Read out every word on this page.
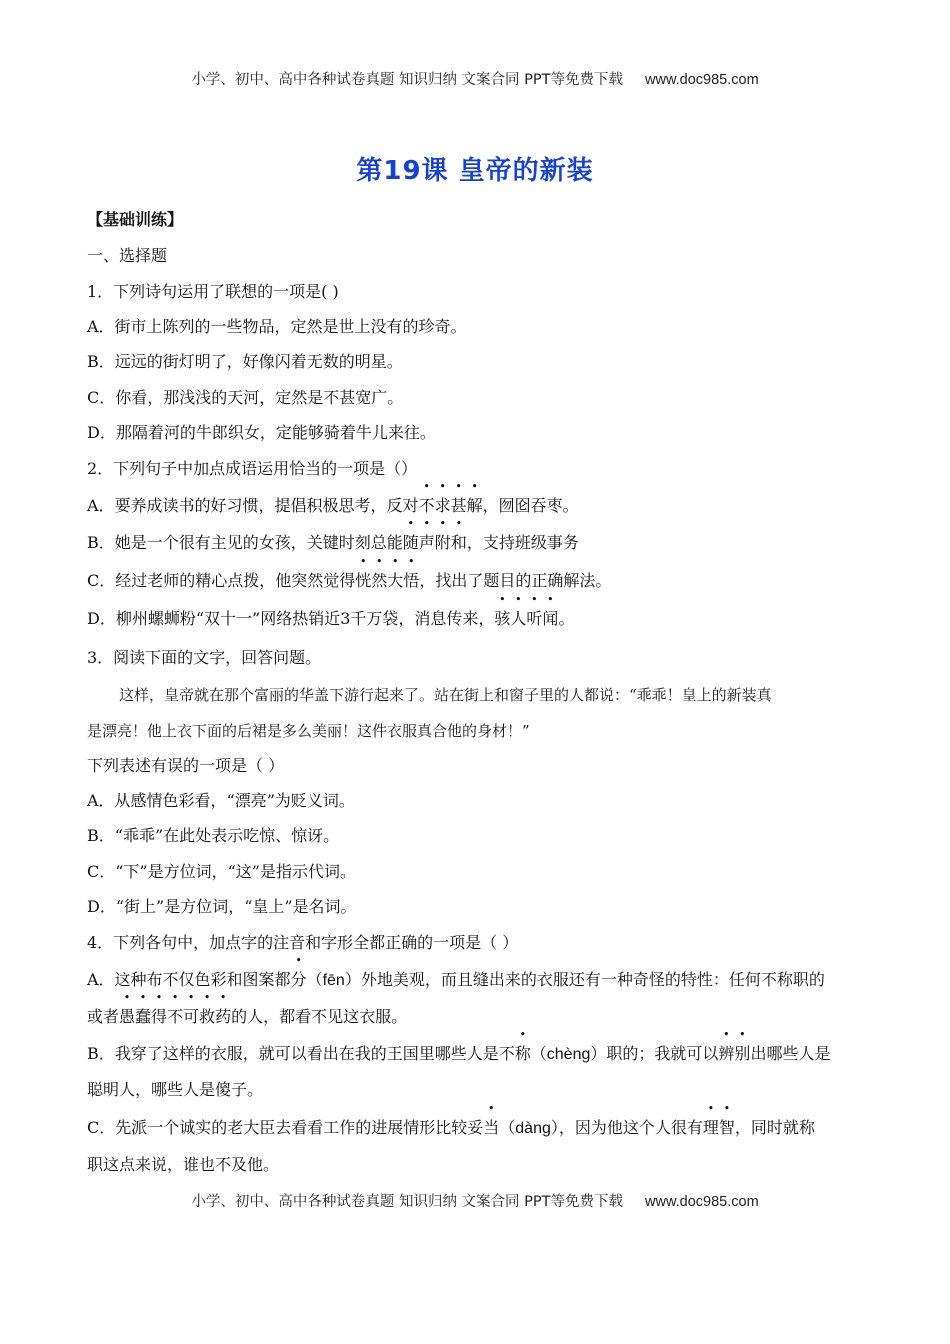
小学、初中、高中各种试卷真题 知识归纳 文案合同 PPT等免费下载 www.doc985.com
第19课 皇帝的新装
【基础训练】
一、选择题
1．下列诗句运用了联想的一项是( )
A．街市上陈列的一些物品，定然是世上没有的珍奇。
B．远远的街灯明了，好像闪着无数的明星。
C．你看，那浅浅的天河，定然是不甚宽广。
D．那隔着河的牛郎织女，定能够骑着牛儿来往。
2．下列句子中加点成语运用恰当的一项是（）
A．要养成读书的好习惯，提倡积极思考，反对不求甚解，囫囵吞枣。
B．她是一个很有主见的女孩，关键时刻总能随声附和，支持班级事务
C．经过老师的精心点拨，他突然觉得恍然大悟，找出了题目的正确解法。
D．柳州螺蛳粉“双十一”网络热销近3千万袋，消息传来，骇人听闻。
3．阅读下面的文字，回答问题。
这样，皇帝就在那个富丽的华盖下游行起来了。站在街上和窗子里的人都说：“乖乖！皇上的新装真
是漂亮！他上衣下面的后裙是多么美丽！这件衣服真合他的身材！”
下列表述有误的一项是（ ）
A．从感情色彩看，“漂亮”为贬义词。
B．“乖乖”在此处表示吃惊、惊讶。
C．“下”是方位词，“这”是指示代词。
D．“街上”是方位词，“皇上”是名词。
4．下列各句中，加点字的注音和字形全都正确的一项是（ ）
A．这种布不仅色彩和图案都分（fēn）外地美观，而且缝出来的衣服还有一种奇怪的特性：任何不称职的
或者愚蠢得不可救药的人，都看不见这衣服。
B．我穿了这样的衣服，就可以看出在我的王国里哪些人是不称（chèng）职的；我就可以辨别出哪些人是
聪明人，哪些人是傻子。
C．先派一个诚实的老大臣去看看工作的进展情形比较妥当（dàng），因为他这个人很有理智，同时就称
职这点来说，谁也不及他。
小学、初中、高中各种试卷真题 知识归纳 文案合同 PPT等免费下载 www.doc985.com
